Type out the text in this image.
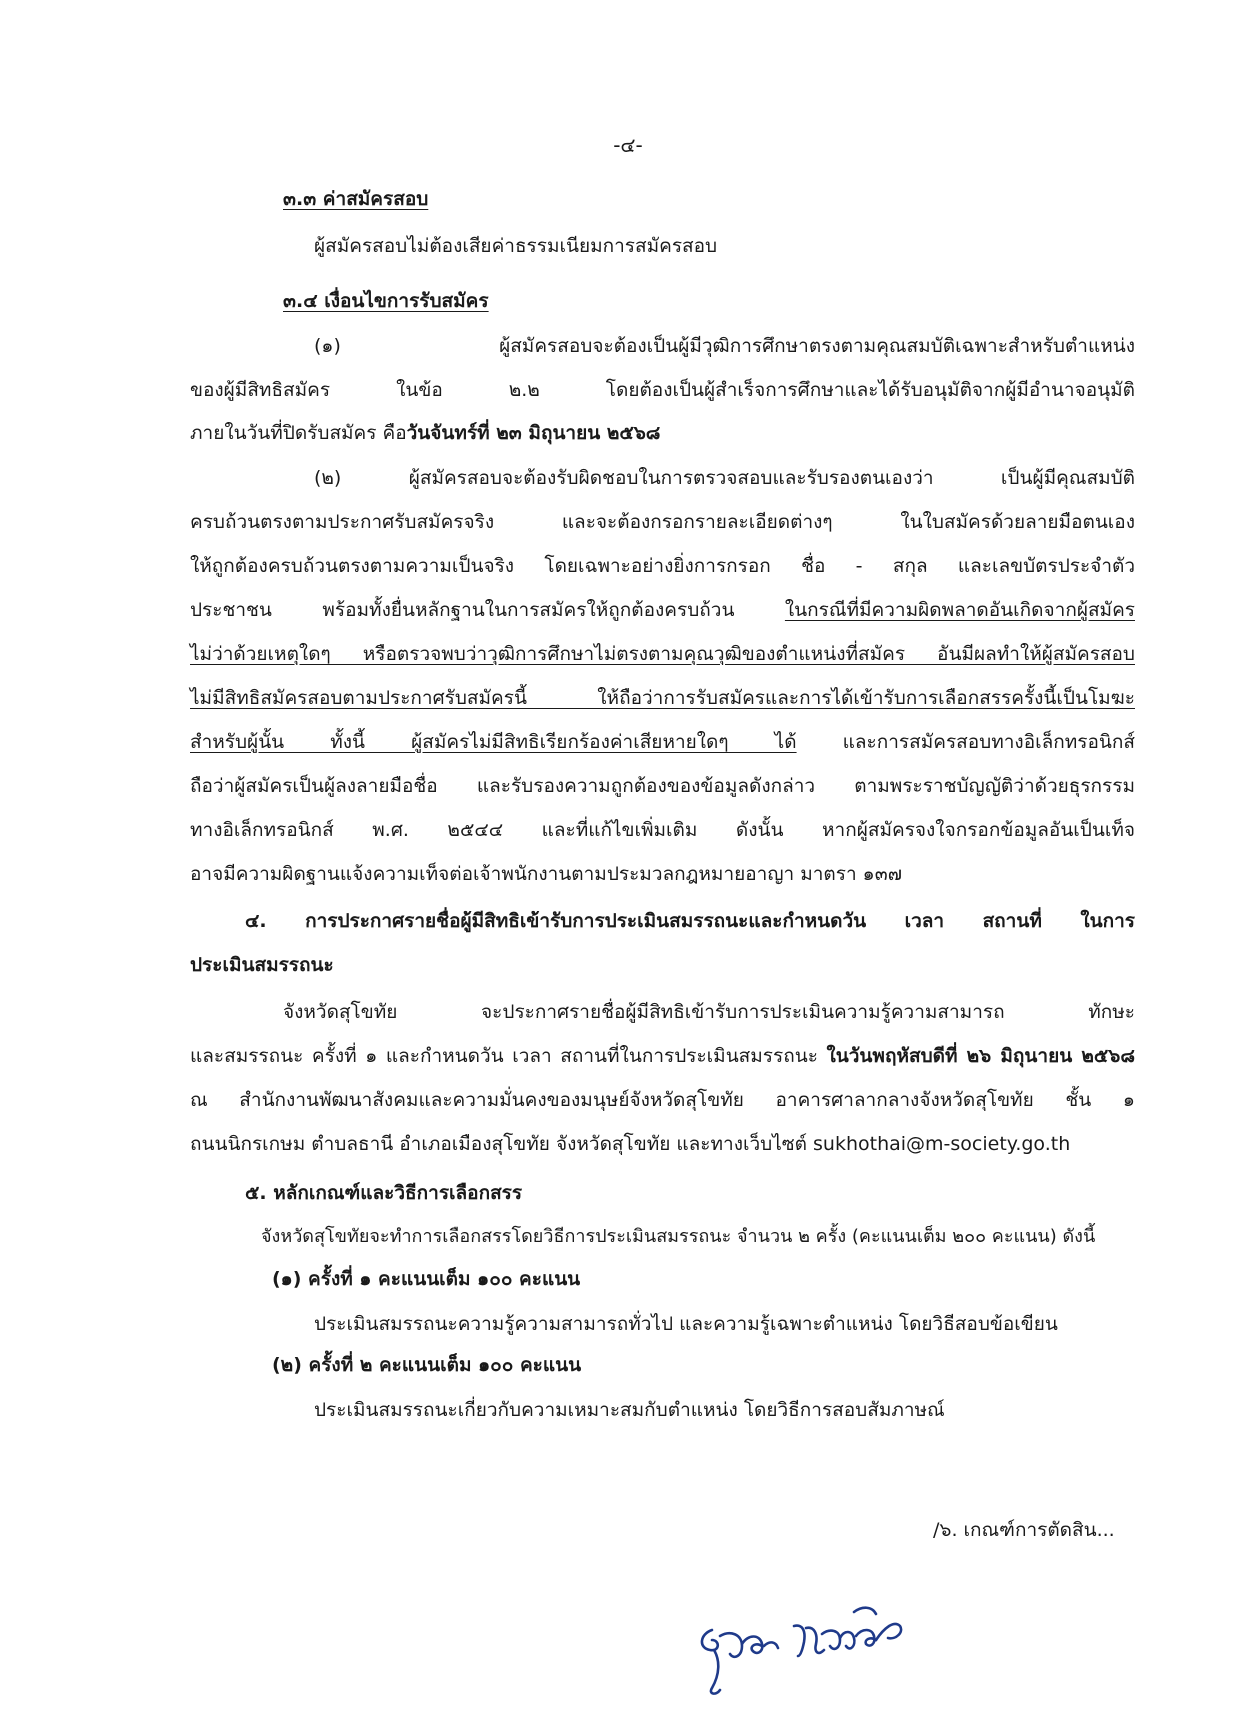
-๔-
๓.๓ ค่าสมัครสอบ
ผู้สมัครสอบไม่ต้องเสียค่าธรรมเนียมการสมัครสอบ
๓.๔ เงื่อนไขการรับสมัคร
(๑) ผู้สมัครสอบจะต้องเป็นผู้มีวุฒิการศึกษาตรงตามคุณสมบัติเฉพาะสำหรับตำแหน่ง
ของผู้มีสิทธิสมัคร ในข้อ ๒.๒ โดยต้องเป็นผู้สำเร็จการศึกษาและได้รับอนุมัติจากผู้มีอำนาจอนุมัติ
ภายในวันที่ปิดรับสมัคร คือวันจันทร์ที่ ๒๓ มิถุนายน ๒๕๖๘
(๒) ผู้สมัครสอบจะต้องรับผิดชอบในการตรวจสอบและรับรองตนเองว่า เป็นผู้มีคุณสมบัติ
ครบถ้วนตรงตามประกาศรับสมัครจริง และจะต้องกรอกรายละเอียดต่างๆ ในใบสมัครด้วยลายมือตนเอง
ให้ถูกต้องครบถ้วนตรงตามความเป็นจริง โดยเฉพาะอย่างยิ่งการกรอก ชื่อ - สกุล และเลขบัตรประจำตัว
ประชาชน พร้อมทั้งยื่นหลักฐานในการสมัครให้ถูกต้องครบถ้วน ในกรณีที่มีความผิดพลาดอันเกิดจากผู้สมัคร
ไม่ว่าด้วยเหตุใดๆ หรือตรวจพบว่าวุฒิการศึกษาไม่ตรงตามคุณวุฒิของตำแหน่งที่สมัคร อันมีผลทำให้ผู้สมัครสอบ
ไม่มีสิทธิสมัครสอบตามประกาศรับสมัครนี้ ให้ถือว่าการรับสมัครและการได้เข้ารับการเลือกสรรครั้งนี้เป็นโมฆะ
สำหรับผู้นั้น ทั้งนี้ ผู้สมัครไม่มีสิทธิเรียกร้องค่าเสียหายใดๆ ได้ และการสมัครสอบทางอิเล็กทรอนิกส์
ถือว่าผู้สมัครเป็นผู้ลงลายมือชื่อ และรับรองความถูกต้องของข้อมูลดังกล่าว ตามพระราชบัญญัติว่าด้วยธุรกรรม
ทางอิเล็กทรอนิกส์ พ.ศ. ๒๕๔๔ และที่แก้ไขเพิ่มเติม ดังนั้น หากผู้สมัครจงใจกรอกข้อมูลอันเป็นเท็จ
อาจมีความผิดฐานแจ้งความเท็จต่อเจ้าพนักงานตามประมวลกฎหมายอาญา มาตรา ๑๓๗
๔. การประกาศรายชื่อผู้มีสิทธิเข้ารับการประเมินสมรรถนะและกำหนดวัน เวลา สถานที่ ในการ
ประเมินสมรรถนะ
จังหวัดสุโขทัย จะประกาศรายชื่อผู้มีสิทธิเข้ารับการประเมินความรู้ความสามารถ ทักษะ
และสมรรถนะ ครั้งที่ ๑ และกำหนดวัน เวลา สถานที่ในการประเมินสมรรถนะ ในวันพฤหัสบดีที่ ๒๖ มิถุนายน ๒๕๖๘
ณ สำนักงานพัฒนาสังคมและความมั่นคงของมนุษย์จังหวัดสุโขทัย อาคารศาลากลางจังหวัดสุโขทัย ชั้น ๑
ถนนนิกรเกษม ตำบลธานี อำเภอเมืองสุโขทัย จังหวัดสุโขทัย และทางเว็บไซต์ sukhothai@m-society.go.th
๕. หลักเกณฑ์และวิธีการเลือกสรร
จังหวัดสุโขทัยจะทำการเลือกสรรโดยวิธีการประเมินสมรรถนะ จำนวน ๒ ครั้ง (คะแนนเต็ม ๒๐๐ คะแนน) ดังนี้
(๑) ครั้งที่ ๑ คะแนนเต็ม ๑๐๐ คะแนน
ประเมินสมรรถนะความรู้ความสามารถทั่วไป และความรู้เฉพาะตำแหน่ง โดยวิธีสอบข้อเขียน
(๒) ครั้งที่ ๒ คะแนนเต็ม ๑๐๐ คะแนน
ประเมินสมรรถนะเกี่ยวกับความเหมาะสมกับตำแหน่ง โดยวิธีการสอบสัมภาษณ์
/๖. เกณฑ์การตัดสิน...
